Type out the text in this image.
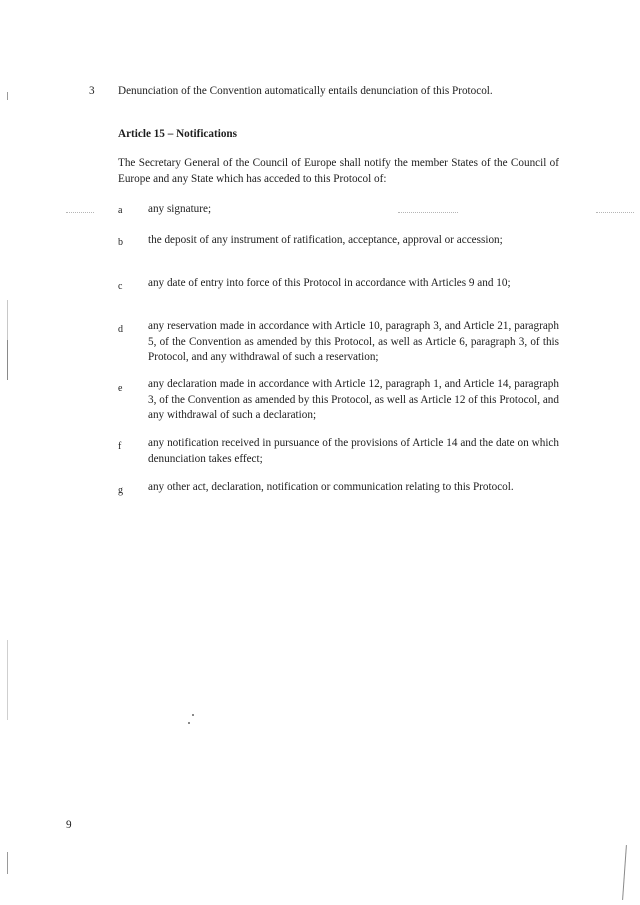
3 Denunciation of the Convention automatically entails denunciation of this Protocol.
Article 15 – Notifications
The Secretary General of the Council of Europe shall notify the member States of the Council of Europe and any State which has acceded to this Protocol of:
a any signature;
b the deposit of any instrument of ratification, acceptance, approval or accession;
c any date of entry into force of this Protocol in accordance with Articles 9 and 10;
d any reservation made in accordance with Article 10, paragraph 3, and Article 21, paragraph 5, of the Convention as amended by this Protocol, as well as Article 6, paragraph 3, of this Protocol, and any withdrawal of such a reservation;
e any declaration made in accordance with Article 12, paragraph 1, and Article 14, paragraph 3, of the Convention as amended by this Protocol, as well as Article 12 of this Protocol, and any withdrawal of such a declaration;
f any notification received in pursuance of the provisions of Article 14 and the date on which denunciation takes effect;
g any other act, declaration, notification or communication relating to this Protocol.
9
